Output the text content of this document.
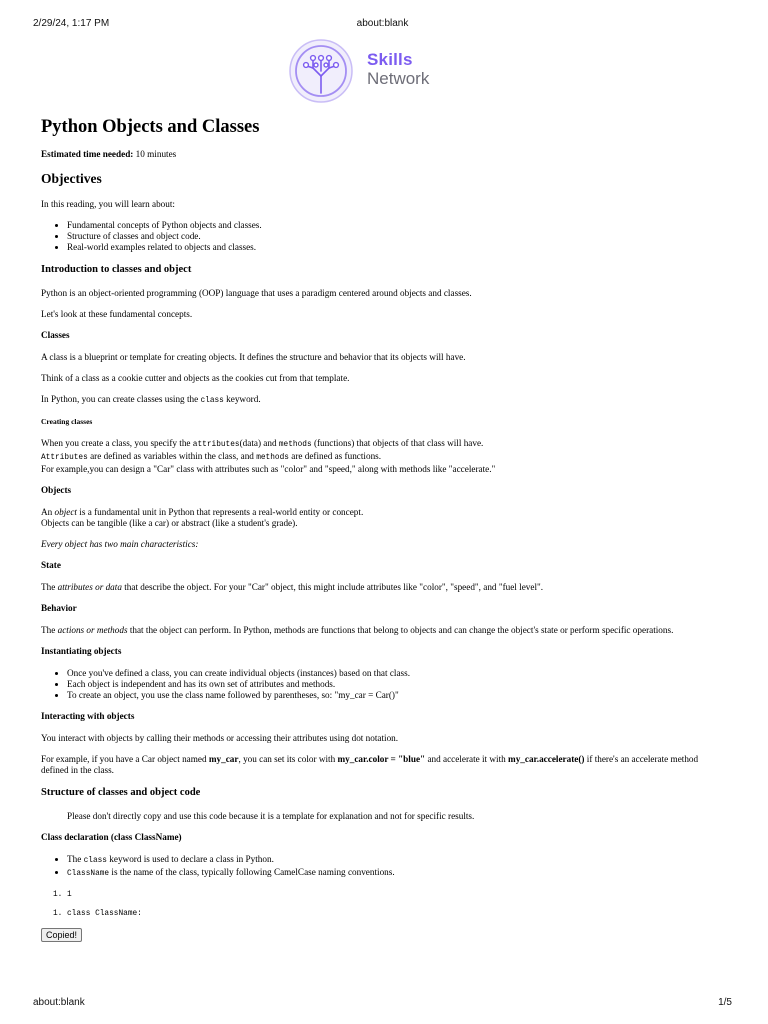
2/29/24, 1:17 PM	about:blank
Skills
Network
Python Objects and Classes

Estimated time needed: 10 minutes

Objectives

In this reading, you will learn about:

• Fundamental concepts of Python objects and classes.
• Structure of classes and object code.
• Real-world examples related to objects and classes.
Introduction to classes and object

Python is an object-oriented programming (OOP) language that uses a paradigm centered around objects and classes.

Let's look at these fundamental concepts.

Classes

A class is a blueprint or template for creating objects. It defines the structure and behavior that its objects will have.

Think of a class as a cookie cutter and objects as the cookies cut from that template.

In Python, you can create classes using the class keyword.

Creating classes

When you create a class, you specify the attributes(data) and methods (functions) that objects of that class will have.

Attributes are defined as variables within the class, and methods are defined as functions.

For example,you can design a "Car" class with attributes such as "color" and "speed," along with methods like "accelerate."

Objects

An object is a fundamental unit in Python that represents a real-world entity or concept.

Objects can be tangible (like a car) or abstract (like a student's grade).

Every object has two main characteristics:

State

The attributes or data that describe the object. For your "Car" object, this might include attributes like "color", "speed", and "fuel level".

Behavior

The actions or methods that the object can perform. In Python, methods are functions that belong to objects and can change the object's state or perform specific operations.

Instantiating objects
• Once you've defined a class, you can create individual objects (instances) based on that class.
• Each object is independent and has its own set of attributes and methods.
• To create an object, you use the class name followed by parentheses, so: "my_car = Car()"
Interacting with objects

You interact with objects by calling their methods or accessing their attributes using dot notation.

For example, if you have a Car object named my_car, you can set its color with my_car.color = "blue" and accelerate it with my_car.accelerate() if there's an accelerate method defined in the class.

Structure of classes and object code

Please don't directly copy and use this code because it is a template for explanation and not for specific results.

Class declaration (class ClassName)
• The class keyword is used to declare a class in Python.
• ClassName is the name of the class, typically following CamelCase naming conventions.
1. 1
1. class ClassName:
Copied!
about:blank	1/5
